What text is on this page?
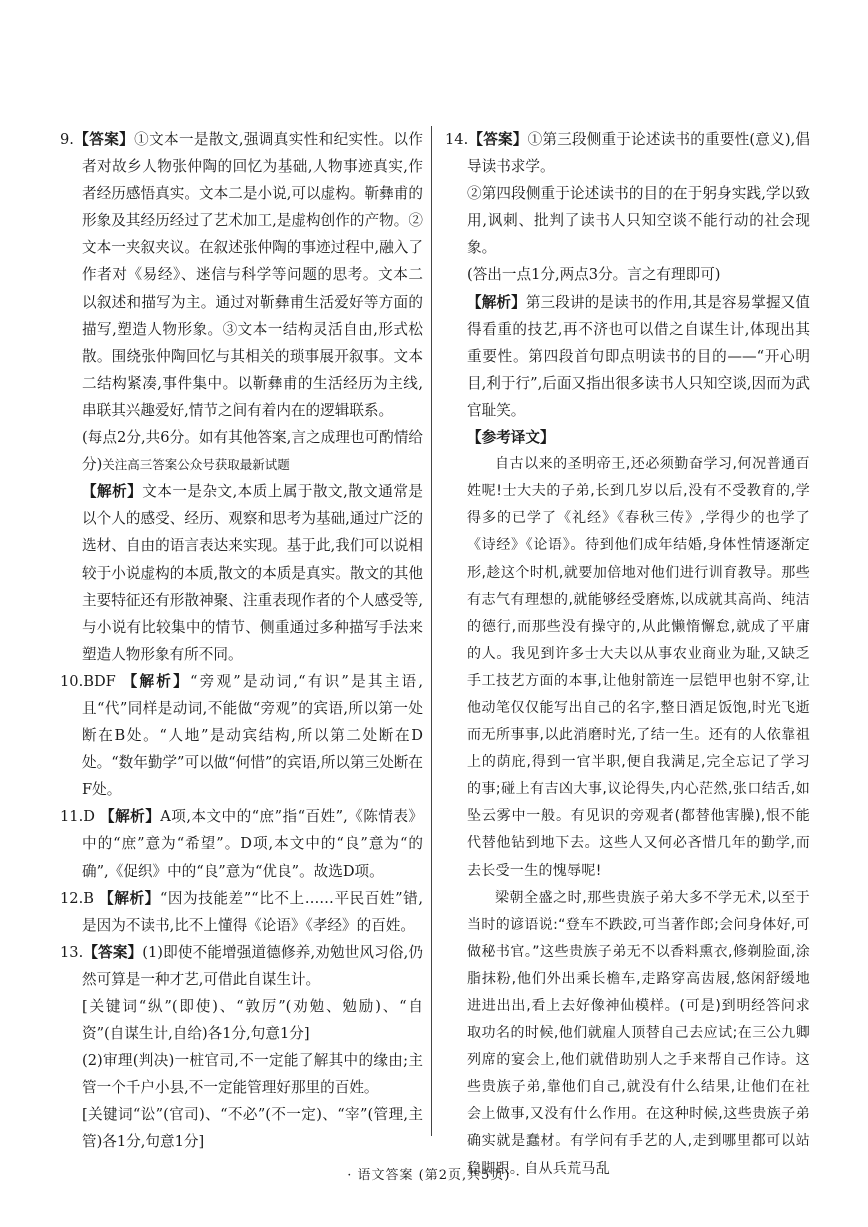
9.【答案】①文本一是散文,强调真实性和纪实性。以作者对故乡人物张仲陶的回忆为基础,人物事迹真实,作者经历感悟真实。文本二是小说,可以虚构。靳彝甫的形象及其经历经过了艺术加工,是虚构创作的产物。②文本一夹叙夹议。在叙述张仲陶的事迹过程中,融入了作者对《易经》、迷信与科学等问题的思考。文本二以叙述和描写为主。通过对靳彝甫生活爱好等方面的描写,塑造人物形象。③文本一结构灵活自由,形式松散。围绕张仲陶回忆与其相关的琐事展开叙事。文本二结构紧凑,事件集中。以靳彝甫的生活经历为主线,串联其兴趣爱好,情节之间有着内在的逻辑联系。

(每点2分,共6分。如有其他答案,言之成理也可酌情给分)关注高三答案公众号获取最新试题

【解析】文本一是杂文,本质上属于散文,散文通常是以个人的感受、经历、观察和思考为基础,通过广泛的选材、自由的语言表达来实现。基于此,我们可以说相较于小说虚构的本质,散文的本质是真实。散文的其他主要特征还有形散神聚、注重表现作者的个人感受等,与小说有比较集中的情节、侧重通过多种描写手法来塑造人物形象有所不同。

10.BDF 【解析】“旁观”是动词,“有识”是其主语,且“代”同样是动词,不能做“旁观”的宾语,所以第一处断在B处。“人地”是动宾结构,所以第二处断在D处。“数年勤学”可以做“何惜”的宾语,所以第三处断在F处。

11.D 【解析】A项,本文中的“庶”指“百姓”,《陈情表》中的“庶”意为“希望”。D项,本文中的“良”意为“的确”,《促织》中的“良”意为“优良”。故选D项。

12.B 【解析】“因为技能差”“比不上……平民百姓”错,是因为不读书,比不上懂得《论语》《孝经》的百姓。

13.【答案】(1)即使不能增强道德修养,劝勉世风习俗,仍然可算是一种才艺,可借此自谋生计。

[关键词“纵”(即使)、“敦厉”(劝勉、勉励)、“自资”(自谋生计,自给)各1分,句意1分]

(2)审理(判决)一桩官司,不一定能了解其中的缘由;主管一个千户小县,不一定能管理好那里的百姓。

[关键词“讼”(官司)、“不必”(不一定)、“宰”(管理,主管)各1分,句意1分]

14.【答案】①第三段侧重于论述读书的重要性(意义),倡导读书求学。

②第四段侧重于论述读书的目的在于躬身实践,学以致用,讽刺、批判了读书人只知空谈不能行动的社会现象。

(答出一点1分,两点3分。言之有理即可)

【解析】第三段讲的是读书的作用,其是容易掌握又值得看重的技艺,再不济也可以借之自谋生计,体现出其重要性。第四段首句即点明读书的目的——“开心明目,利于行”,后面又指出很多读书人只知空谈,因而为武官耻笑。

【参考译文】

自古以来的圣明帝王,还必须勤奋学习,何况普通百姓呢!士大夫的子弟,长到几岁以后,没有不受教育的,学得多的已学了《礼经》《春秋三传》,学得少的也学了《诗经》《论语》。待到他们成年结婚,身体性情逐渐定形,趁这个时机,就要加倍地对他们进行训育教导。那些有志气有理想的,就能够经受磨炼,以成就其高尚、纯洁的德行,而那些没有操守的,从此懒惰懈怠,就成了平庸的人。我见到许多士大夫以从事农业商业为耻,又缺乏手工技艺方面的本事,让他射箭连一层铠甲也射不穿,让他动笔仅仅能写出自己的名字,整日酒足饭饱,时光飞逝而无所事事,以此消磨时光,了结一生。还有的人依靠祖上的荫庇,得到一官半职,便自我满足,完全忘记了学习的事;碰上有吉凶大事,议论得失,内心茫然,张口结舌,如坠云雾中一般。有见识的旁观者(都替他害臊),恨不能代替他钻到地下去。这些人又何必吝惜几年的勤学,而去长受一生的愧辱呢!

梁朝全盛之时,那些贵族子弟大多不学无术,以至于当时的谚语说:“登车不跌跤,可当著作郎;会问身体好,可做秘书官。”这些贵族子弟无不以香料熏衣,修剃脸面,涂脂抹粉,他们外出乘长檐车,走路穿高齿屐,悠闲舒缓地进进出出,看上去好像神仙模样。(可是)到明经答问求取功名的时候,他们就雇人顶替自己去应试;在三公九卿列席的宴会上,他们就借助别人之手来帮自己作诗。这些贵族子弟,靠他们自己,就没有什么结果,让他们在社会上做事,又没有什么作用。在这种时候,这些贵族子弟确实就是蠢材。有学问有手艺的人,走到哪里都可以站稳脚跟。自从兵荒马乱

· 语文答案 (第2页,共5页) ·
